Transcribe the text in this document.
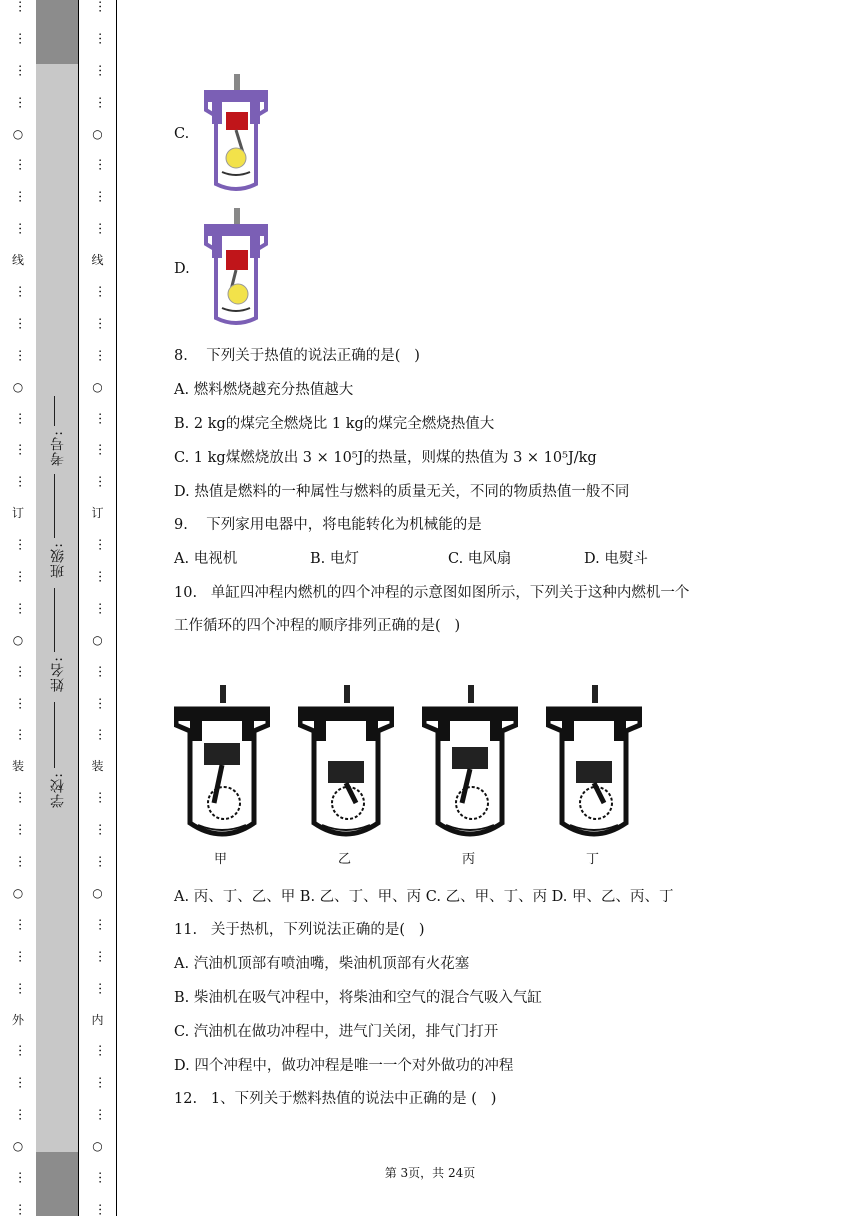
…
…
…
…
○
…
…
…
线
…
…
…
○
…
…
…
订
…
…
…
○
…
…
…
装
…
…
…
○
…
…
…
外
…
…
…
○
…
…
学校:
姓名:
班级:
考号:
…
…
…
…
○
…
…
…
线
…
…
…
○
…
…
…
订
…
…
…
○
…
…
…
装
…
…
…
○
…
…
…
内
…
…
…
○
…
…
C.
D.
8.    下列关于热值的说法正确的是(   )
A. 燃料燃烧越充分热值越大
B. 2 kg的煤完全燃烧比 1 kg的煤完全燃烧热值大
C. 1 kg煤燃烧放出 3 × 10⁵J的热量，则煤的热值为 3 × 10⁵J/kg
D. 热值是燃料的一种属性与燃料的质量无关，不同的物质热值一般不同
9.    下列家用电器中，将电能转化为机械能的是
A. 电视机	B. 电灯	C. 电风扇	D. 电熨斗
10.   单缸四冲程内燃机的四个冲程的示意图如图所示，下列关于这种内燃机一个
工作循环的四个冲程的顺序排列正确的是(   )
甲	乙	丙	丁
A. 丙、丁、乙、甲 B. 乙、丁、甲、丙 C. 乙、甲、丁、丙 D. 甲、乙、丙、丁
11.   关于热机，下列说法正确的是(   )
A. 汽油机顶部有喷油嘴，柴油机顶部有火花塞
B. 柴油机在吸气冲程中，将柴油和空气的混合气吸入气缸
C. 汽油机在做功冲程中，进气门关闭，排气门打开
D. 四个冲程中，做功冲程是唯一一个对外做功的冲程
12.   1、下列关于燃料热值的说法中正确的是 (   )
第 3页，共 24页
